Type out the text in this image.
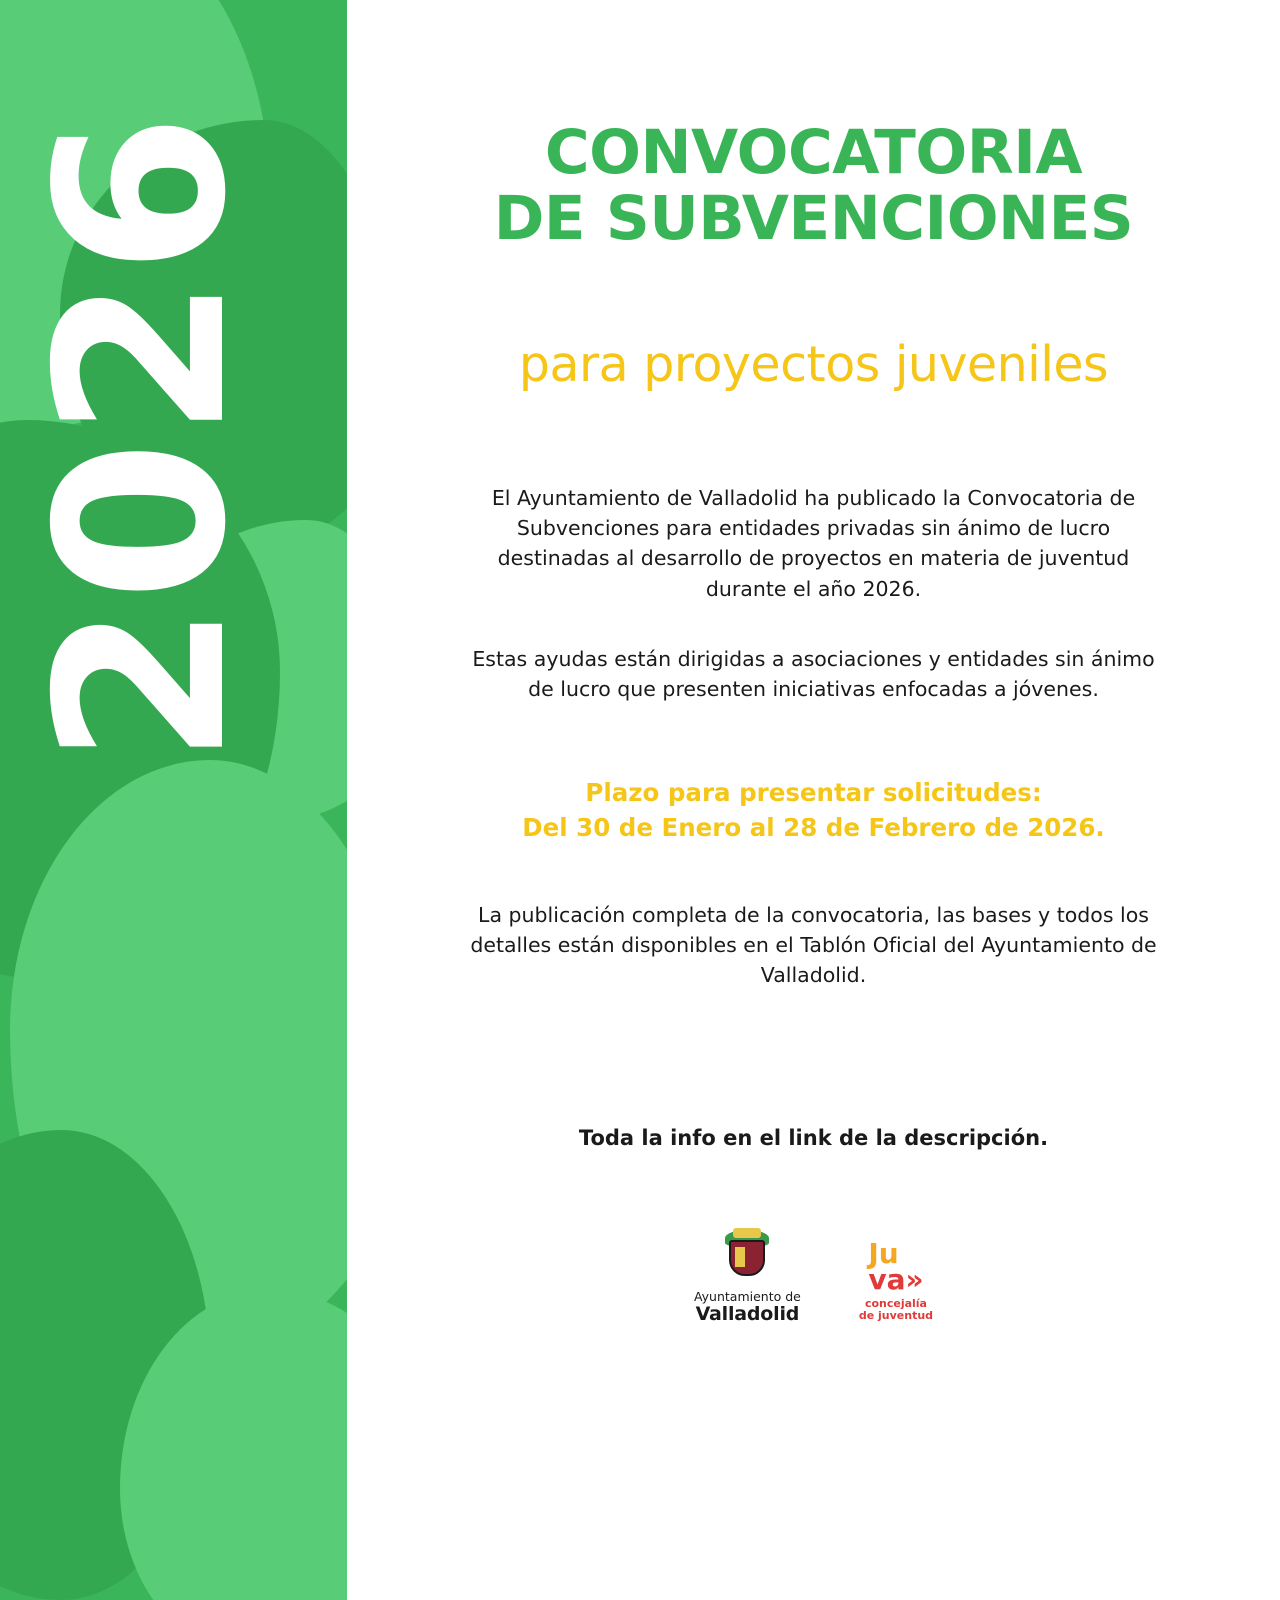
2026	CONVOCATORIA
DE SUBVENCIONES
para proyectos juveniles

El Ayuntamiento de Valladolid ha publicado la Convocatoria de Subvenciones para entidades privadas sin ánimo de lucro destinadas al desarrollo de proyectos en materia de juventud durante el año 2026.

Estas ayudas están dirigidas a asociaciones y entidades sin ánimo de lucro que presenten iniciativas enfocadas a jóvenes.

Plazo para presentar solicitudes:
Del 30 de Enero al 28 de Febrero de 2026.

La publicación completa de la convocatoria, las bases y todos los detalles están disponibles en el Tablón Oficial del Ayuntamiento de Valladolid.

Toda la info en el link de la descripción.
Ayuntamiento de
Valladolid
Ju
va»
concejalía
de juventud
